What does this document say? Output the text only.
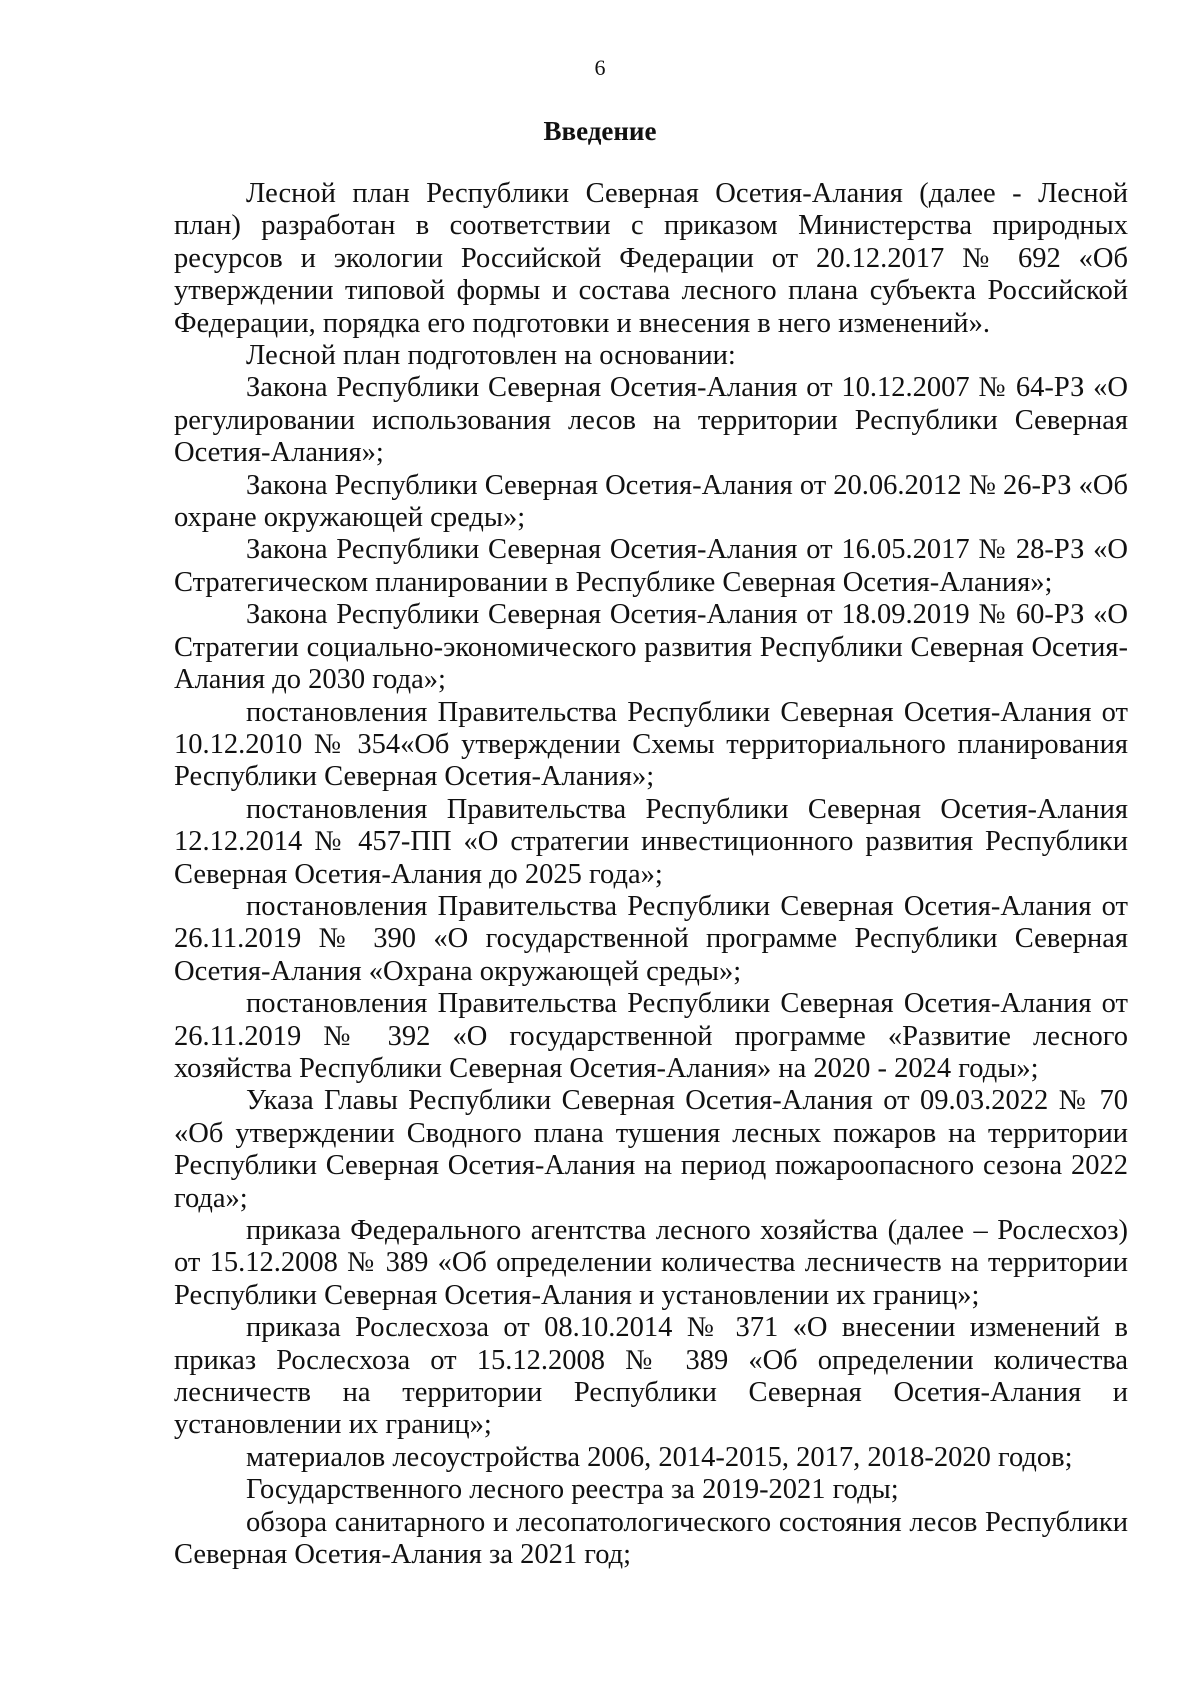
6
Введение

Лесной план Республики Северная Осетия-Алания (далее - Лесной план) разработан в соответствии с приказом Министерства природных ресурсов и экологии Российской Федерации от 20.12.2017 № 692 «Об утверждении типовой формы и состава лесного плана субъекта Российской Федерации, порядка его подготовки и внесения в него изменений».

Лесной план подготовлен на основании:

Закона Республики Северная Осетия-Алания от 10.12.2007 № 64-РЗ «О регулировании использования лесов на территории Республики Северная Осетия-Алания»;

Закона Республики Северная Осетия-Алания от 20.06.2012 № 26-РЗ «Об охране окружающей среды»;

Закона Республики Северная Осетия-Алания от 16.05.2017 № 28-РЗ «О Стратегическом планировании в Республике Северная Осетия-Алания»;

Закона Республики Северная Осетия-Алания от 18.09.2019 № 60-РЗ «О Стратегии социально-экономического развития Республики Северная Осетия-Алания до 2030 года»;

постановления Правительства Республики Северная Осетия-Алания от 10.12.2010 № 354«Об утверждении Схемы территориального планирования Республики Северная Осетия-Алания»;

постановления Правительства Республики Северная Осетия-Алания 12.12.2014 № 457-ПП «О стратегии инвестиционного развития Республики Северная Осетия-Алания до 2025 года»;

постановления Правительства Республики Северная Осетия-Алания от 26.11.2019 № 390 «О государственной программе Республики Северная Осетия-Алания «Охрана окружающей среды»;

постановления Правительства Республики Северная Осетия-Алания от 26.11.2019 № 392 «О государственной программе «Развитие лесного хозяйства Республики Северная Осетия-Алания» на 2020 - 2024 годы»;

Указа Главы Республики Северная Осетия-Алания от 09.03.2022 № 70 «Об утверждении Сводного плана тушения лесных пожаров на территории Республики Северная Осетия-Алания на период пожароопасного сезона 2022 года»;

приказа Федерального агентства лесного хозяйства (далее – Рослесхоз) от 15.12.2008 № 389 «Об определении количества лесничеств на территории Республики Северная Осетия-Алания и установлении их границ»;

приказа Рослесхоза от 08.10.2014 № 371 «О внесении изменений в приказ Рослесхоза от 15.12.2008 № 389 «Об определении количества лесничеств на территории Республики Северная Осетия-Алания и установлении их границ»;

материалов лесоустройства 2006, 2014-2015, 2017, 2018-2020 годов;

Государственного лесного реестра за 2019-2021 годы;

обзора санитарного и лесопатологического состояния лесов Республики Северная Осетия-Алания за 2021 год;
